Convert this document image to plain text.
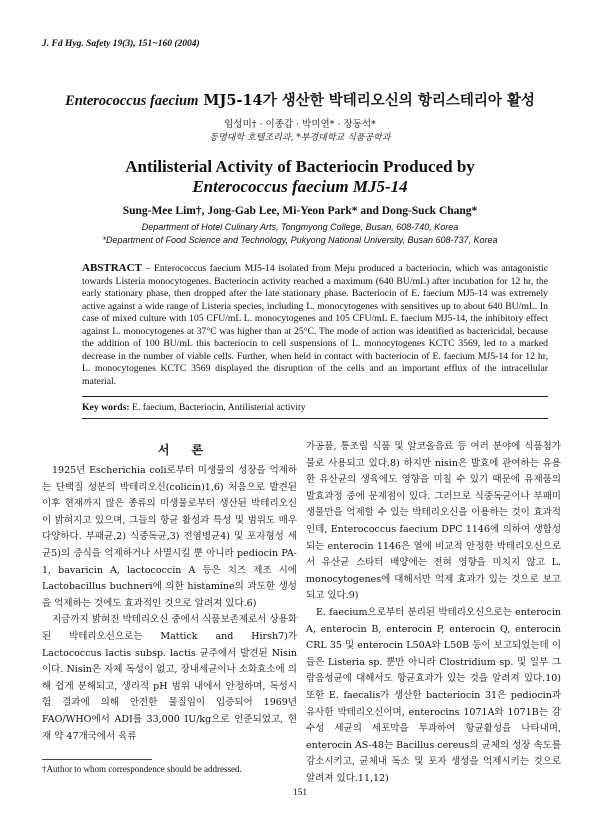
J. Fd Hyg. Safety 19(3), 151~160 (2004)
Enterococcus faecium MJ5-14가 생산한 박테리오신의 항리스테리아 활성
임성미† · 이종갑 · 박미연* · 장동석*
동명대학 호텔조리과, *부경대학교 식품공학과
Antilisterial Activity of Bacteriocin Produced by
Enterococcus faecium MJ5-14
Sung-Mee Lim†, Jong-Gab Lee, Mi-Yeon Park* and Dong-Suck Chang*
Department of Hotel Culinary Arts, Tongmyong College, Busan, 608-740, Korea
*Department of Food Science and Technology, Pukyong National University, Busan 608-737, Korea
ABSTRACT – Enterococcus faecium MJ5-14 isolated from Meju produced a bacteriocin, which was antagonistic towards Listeria monocytogenes. Bacteriocin activity reached a maximum (640 BU/mL) after incubation for 12 hr, the early stationary phase, then dropped after the late stationary phase. Bacteriocin of E. faecium MJ5-14 was extremely active against a wide range of Listeria species, including L. monocytogenes with sensitives up to about 640 BU/mL. In case of mixed culture with 105 CFU/mL L. monocytogenes and 105 CFU/mL E. faecium MJ5-14, the inhibitory effect against L. monocytogenes at 37°C was higher than at 25°C. The mode of action was identified as bactericidal, because the addition of 100 BU/mL this bacteriocin to cell suspensions of L. monocytogenes KCTC 3569, led to a marked decrease in the number of viable cells. Further, when held in contact with bacteriocin of E. faecium MJ5-14 for 12 hr, L. monocytogenes KCTC 3569 displayed the disruption of the cells and an important efflux of the intracellular material.
Key words: E. faecium, Bacteriocin, Antilisterial activity
서론

1925년 Escherichia coli로부터 미생물의 성장을 억제하는 단백질 성분의 박테리오신(colicin)1,6) 처음으로 발견된 이후 현재까지 많은 종류의 미생물로부터 생산된 박테리오신이 밝혀지고 있으며, 그들의 항균 활성과 특성 및 범위도 매우 다양하다. 부패균,2) 식중독균,3) 전염병균4) 및 포자형성 세균5)의 증식을 억제하거나 사멸시킬 뿐 아니라 pediocin PA-1, bavaricin A, lactococcin A 등은 치즈 제조 시에 Lactobacillus buchneri에 의한 histamine의 과도한 생성을 억제하는 것에도 효과적인 것으로 알려져 있다.6)

지금까지 밝혀진 박테리오신 중에서 식품보존제로서 상용화된 박테리오신으로는 Mattick and Hirsh7)가 Lactococcus lactis subsp. lactis 균주에서 발견된 Nisin이다. Nisin은 자체 독성이 없고, 장내세균이나 소화효소에 의해 쉽게 분해되고, 생리적 pH 범위 내에서 안정하며, 독성시험 결과에 의해 안전한 물질임이 입증되어 1969년 FAO/WHO에서 ADI를 33,000 IU/kg으로 인준되었고, 현재 약 47개국에서 육류

가공품, 통조림 식품 및 알코올음료 등 여러 분야에 식품첨가물로 사용되고 있다.8) 하지만 nisin은 발효에 관여하는 유용한 유산균의 생육에도 영향을 미칠 수 있기 때문에 유제품의 발효과정 중에 문제점이 있다. 그러므로 식중독균이나 부패미생물만을 억제할 수 있는 박테리오신을 이용하는 것이 효과적인데, Enterococcus faecium DPC 1146에 의하여 생합성 되는 enterocin 1146은 열에 비교적 안정한 박테리오신으로서 유산균 스타터 배양에는 전혀 영향을 미치지 않고 L. monocytogenes에 대해서만 억제 효과가 있는 것으로 보고 되고 있다.9)

E. faecium으로부터 분리된 박테리오신으로는 enterocin A, enterocin B, enterocin P, enterocin Q, enterocin CRL 35 및 enterocin L50A와 L50B 등이 보고되었는데 이들은 Listeria sp. 뿐만 아니라 Clostridium sp. 및 일부 그람음성균에 대해서도 항균효과가 있는 것을 알려져 있다.10) 또한 E. faecalis가 생산한 bacteriocin 31은 pediocin과 유사한 박테리오신이며, enterocins 1071A와 1071B는 감수성 세균의 세포막을 투과하여 항균활성을 나타내며, enterocin AS-48는 Bacillus cereus의 균체의 성장 속도를 감소시키고, 균체내 독소 및 포자 생성을 억제시키는 것으로 알려져 있다.11,12)

†Author to whom correspondence should be addressed.
151
